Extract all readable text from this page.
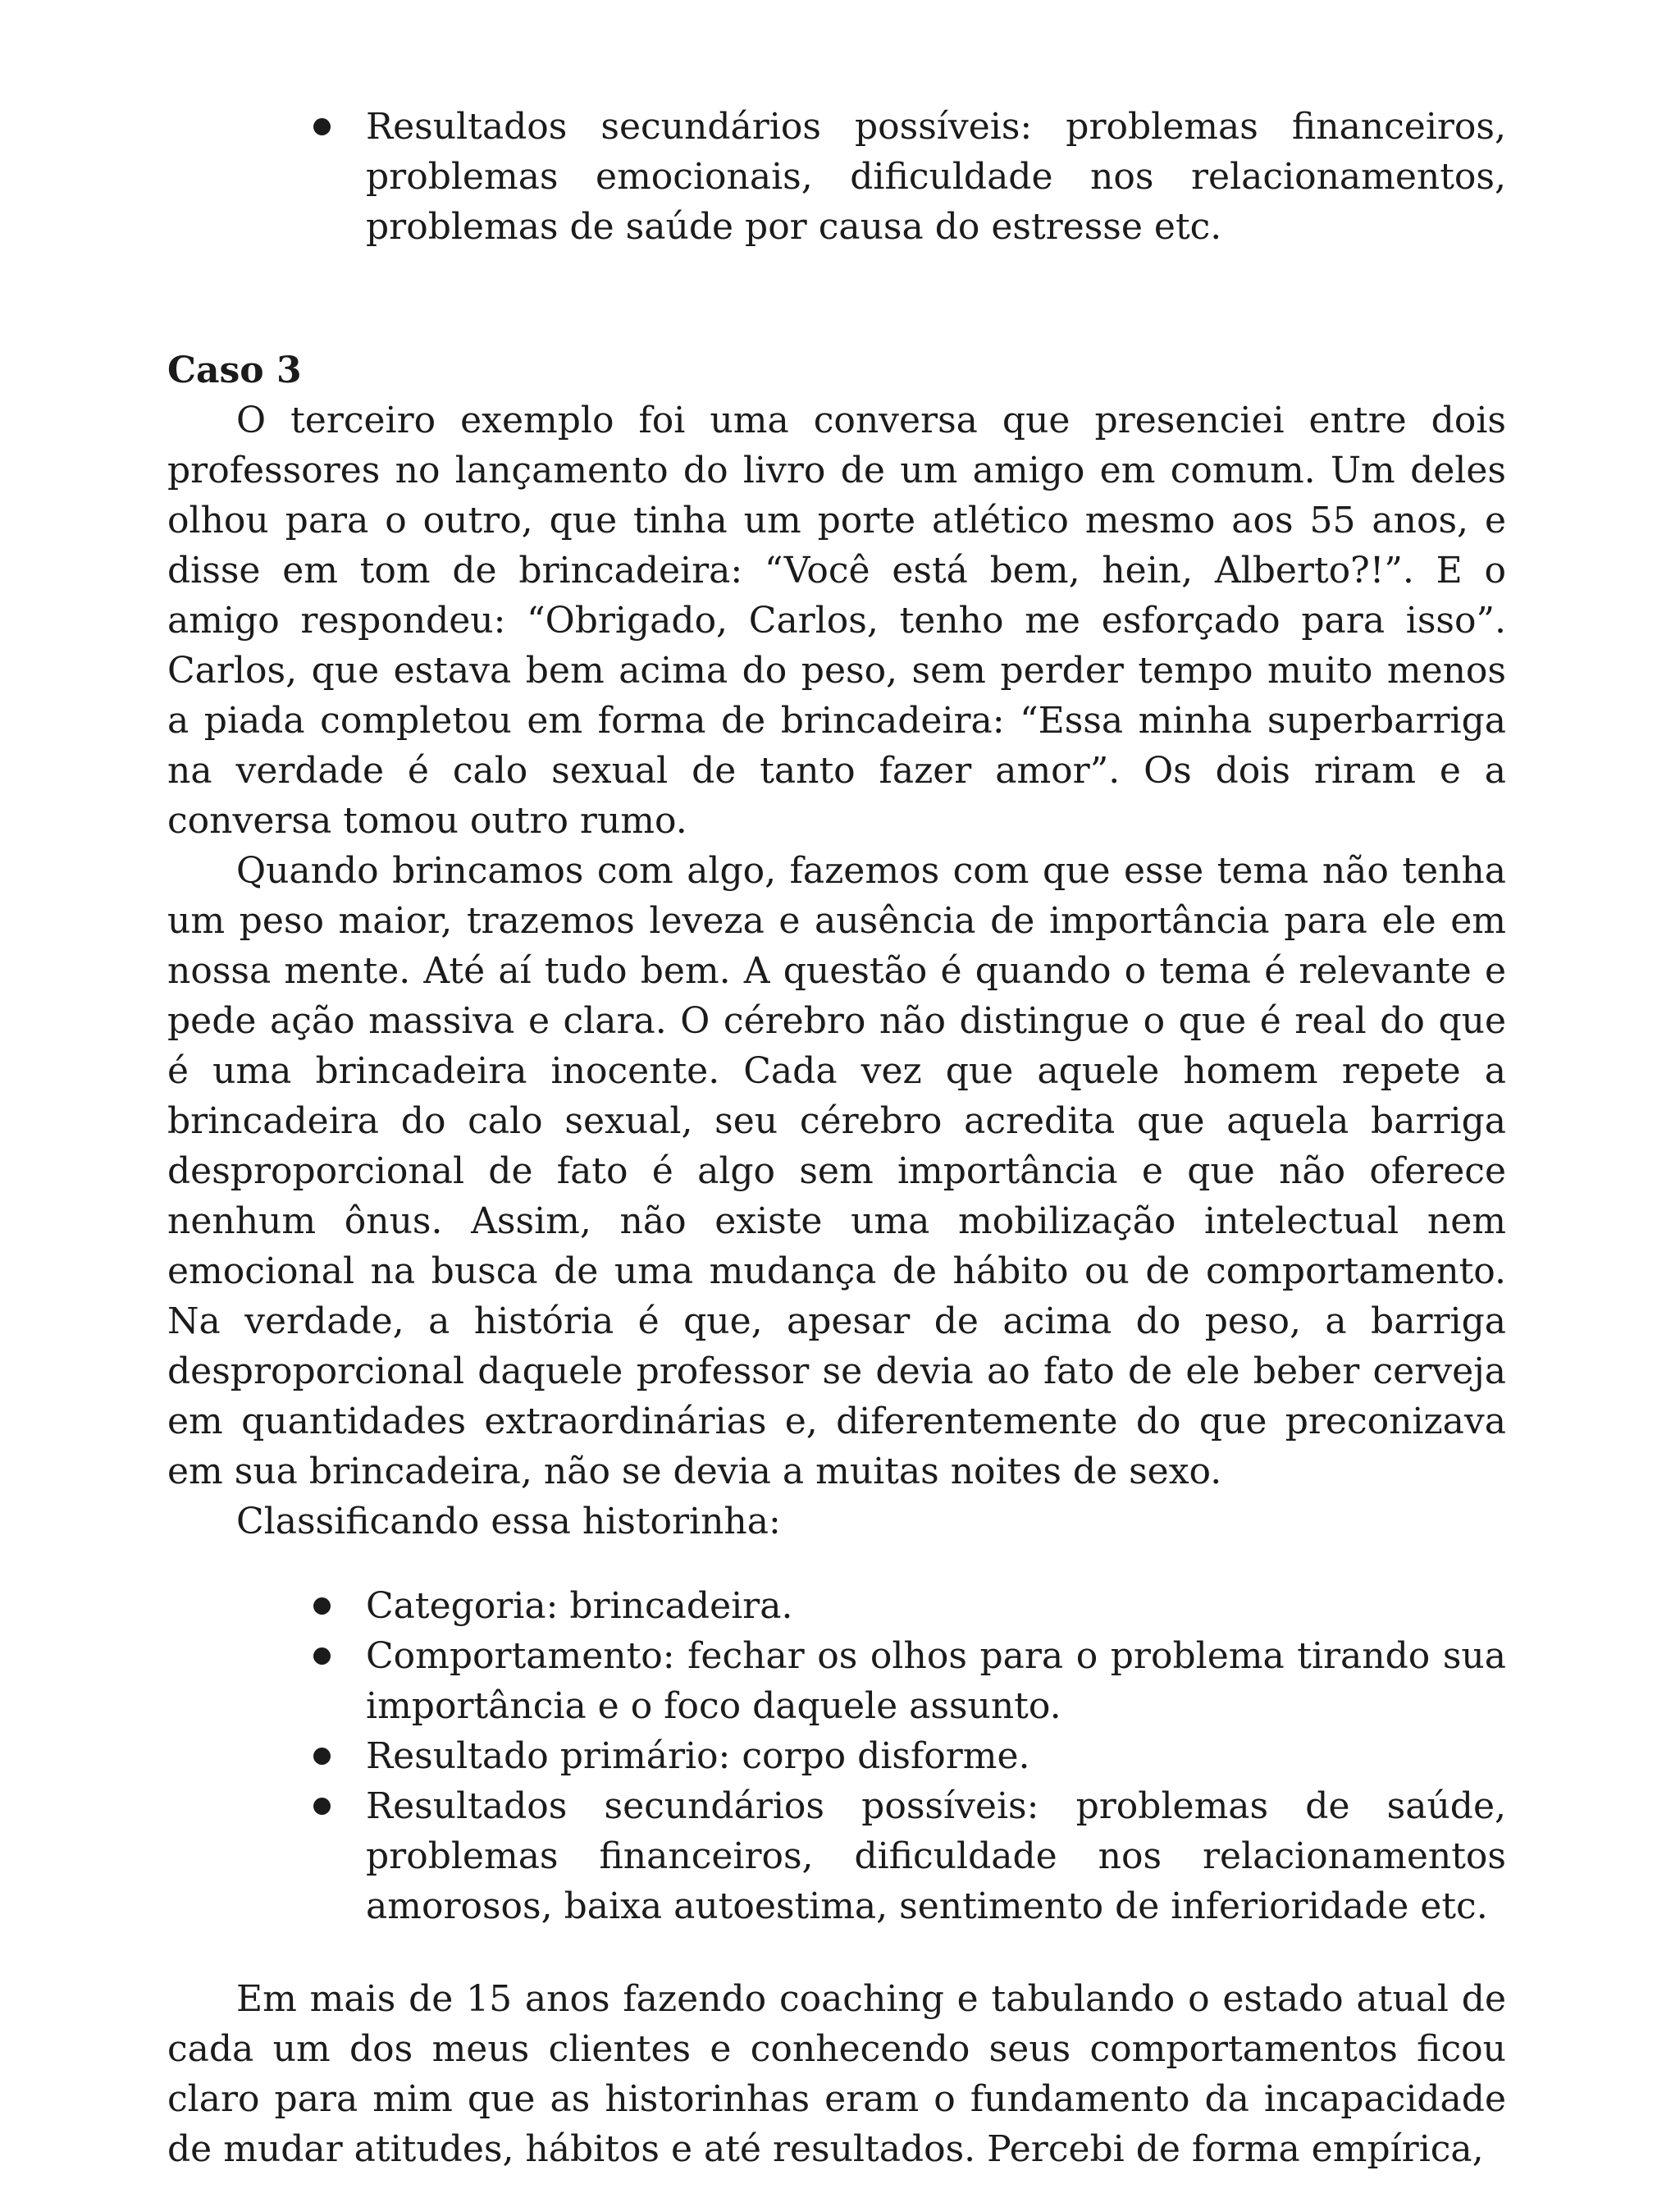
Resultados secundários possíveis: problemas financeiros, problemas emocionais, dificuldade nos relacionamentos, problemas de saúde por causa do estresse etc.
Caso 3

O terceiro exemplo foi uma conversa que presenciei entre dois professores no lançamento do livro de um amigo em comum. Um deles olhou para o outro, que tinha um porte atlético mesmo aos 55 anos, e disse em tom de brincadeira: “Você está bem, hein, Alberto?!”. E o amigo respondeu: “Obrigado, Carlos, tenho me esforçado para isso”. Carlos, que estava bem acima do peso, sem perder tempo muito menos a piada completou em forma de brincadeira: “Essa minha superbarriga na verdade é calo sexual de tanto fazer amor”. Os dois riram e a conversa tomou outro rumo.

Quando brincamos com algo, fazemos com que esse tema não tenha um peso maior, trazemos leveza e ausência de importância para ele em nossa mente. Até aí tudo bem. A questão é quando o tema é relevante e pede ação massiva e clara. O cérebro não distingue o que é real do que é uma brincadeira inocente. Cada vez que aquele homem repete a brincadeira do calo sexual, seu cérebro acredita que aquela barriga desproporcional de fato é algo sem importância e que não oferece nenhum ônus. Assim, não existe uma mobilização intelectual nem emocional na busca de uma mudança de hábito ou de comportamento. Na verdade, a história é que, apesar de acima do peso, a barriga desproporcional daquele professor se devia ao fato de ele beber cerveja em quantidades extraordinárias e, diferentemente do que preconizava em sua brincadeira, não se devia a muitas noites de sexo.

Classificando essa historinha:

Categoria: brincadeira.
Comportamento: fechar os olhos para o problema tirando sua importância e o foco daquele assunto.
Resultado primário: corpo disforme.
Resultados secundários possíveis: problemas de saúde, problemas financeiros, dificuldade nos relacionamentos amorosos, baixa autoestima, sentimento de inferioridade etc.

Em mais de 15 anos fazendo coaching e tabulando o estado atual de cada um dos meus clientes e conhecendo seus comportamentos ficou claro para mim que as historinhas eram o fundamento da incapacidade de mudar atitudes, hábitos e até resultados. Percebi de forma empírica,
